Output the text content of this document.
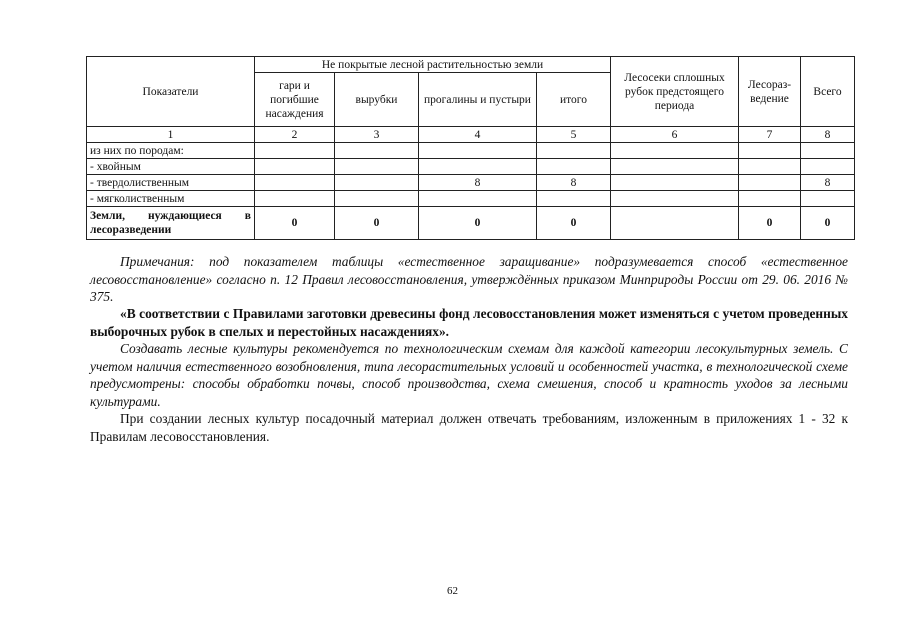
Показатели	Не покрытые лесной растительностью земли				Лесосеки сплошных рубок предстоящего периода	Лесораз-ведение	Всего
	гари и погибшие насаждения	вырубки	прогалины и пустыри	итого			
1	2	3	4	5	6	7	8
из них по породам:							
- хвойным							
- твердолиственным			8	8			8
- мягколиственным							
Земли, нуждающиеся в лесоразведении	0	0	0	0		0	0
Примечания: под показателем таблицы «естественное заращивание» подразумевается способ «естественное лесовосстановление» согласно п. 12 Правил лесовосстановления, утверждённых приказом Минприроды России от 29. 06. 2016 № 375.
«В соответствии с Правилами заготовки древесины фонд лесовосстановления может изменяться с учетом проведенных выборочных рубок в спелых и перестойных насаждениях».
Создавать лесные культуры рекомендуется по технологическим схемам для каждой категории лесокультурных земель. С учетом наличия естественного возобновления, типа лесорастительных условий и особенностей участка, в технологической схеме предусмотрены: способы обработки почвы, способ производства, схема смешения, способ и кратность уходов за лесными культурами.
При создании лесных культур посадочный материал должен отвечать требованиям, изложенным в приложениях 1 - 32 к Правилам лесовосстановления.
62
